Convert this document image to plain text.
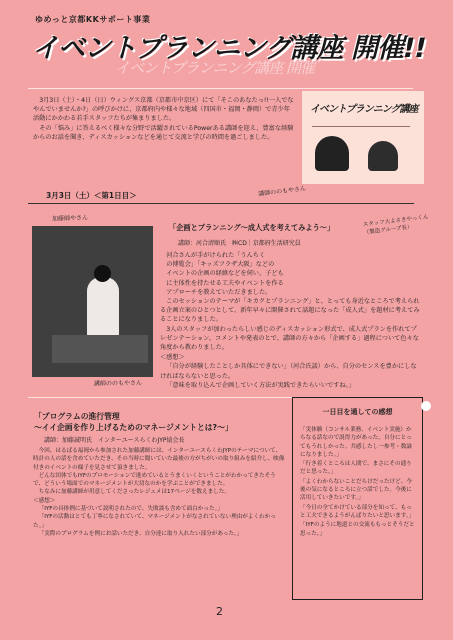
ゆめっと京都KKサポート事業
イベントプランニング講座 開催!!
イベントプランニング講座 開催

3月3日（土）・4日（日）ウィングス京都（京都市中京区）にて「そこのあなたっ!!一人でなやんでいませんか?」の呼びかけに、京都府内や様々な地域（四国市・福岡・静岡）で青少年活動にかかわる若手スタッフたちが集まりました。

その「悩み」に答えるべく様々な分野で活躍されているPowerある講師を迎え、豊富な経験からのお話を聞き、ディスカッションなどを通じて交流と学びの時間を過ごしました。

イベントプランニング講座
講師ののもやさん
スタッフ大よさきやっくん（製造グループ長）
3月3日（土）＜第1日目＞
加藤師やさん
講師ののもやさん
「企画とプランニング～成人式を考えてみよう～」
講師：河合清順氏　㈱CD｜京都府生活研究員

河合さんが手がけられた「うんちく

の博覧会」「キッズフラザ大阪」などの

イベントの企画の経緯などを伺い、子ども

に主体性を持たせる工夫やイベントを作る

アプローチを教えていただきました。

このセッションのテーマが「キカクとプランニング」と、とっても身近なところで考えられる企画立案のひとつとして、新年早々に開催されて話題になった「成人式」を題材に考えてみることになりました。

3人のスタッフが加わったらしい感じのディスカッション形式で、成人式プランを作れてプレゼンテーション、コメントや発表のとで、講師の方々から「企画する」過程について色々な角度から教わりました。

＜感想＞

「自分が経験したことしか具体にできない」（河合氏談）から、自分のセンスを豊かにしなければならないと思った。

「意味を取り込んで企画していく方法が実践できたらいいですね。」

「プログラムの進行管理
～イイ企画を作り上げるためのマネージメントとは?～」
講師：加藤誠明氏　インターユースらくわJYP協会長

今回、はるばる福岡から参加された加藤講師には、インターユースらくわJYPのテーマについて、時計の人の話を含めていただき、その当時に聞いていた最後の方がちがいの取り組みを紹介し、映像付きのイベントの様子を見させて頂きました。

どんな団体でもIYFのプロモーションで進めているとうまくいくということがわかってきたそうで、どういう場面でのマネージメントが大切なのかを学ぶことができました。

ちなみに加藤講師が用意してくださったレジュメは17ページを数えました。

＜感想＞

「IYFの具体例に基づいて説明されたので、失敗談も含めて面白かった。」

「IYFの活動はとても丁寧になされていて、マネージメントがなされていない理由がよくわかった。」

「実際のプログラムを例にお話いただき、自分達に取り入れたい部分があった。」

一日目を通しての感想
「実体験（コンサル業務、イベント実施）からなる話なので説得力があった。自分にとってもうれしかった。共感したし一参考・数論になりました。」
「行き着くところは人間で、まさにその通りだと思った。」
「よくわからないことだらけだったけど、今後の気になるところに立つ話でした。今後に活用していきたいです。」
「今日の全てかけている部分を知って、もっと工夫できるようがんばりたいと思います。」
「IYFのように地道との交流ももっとそうだと思った。」
2
